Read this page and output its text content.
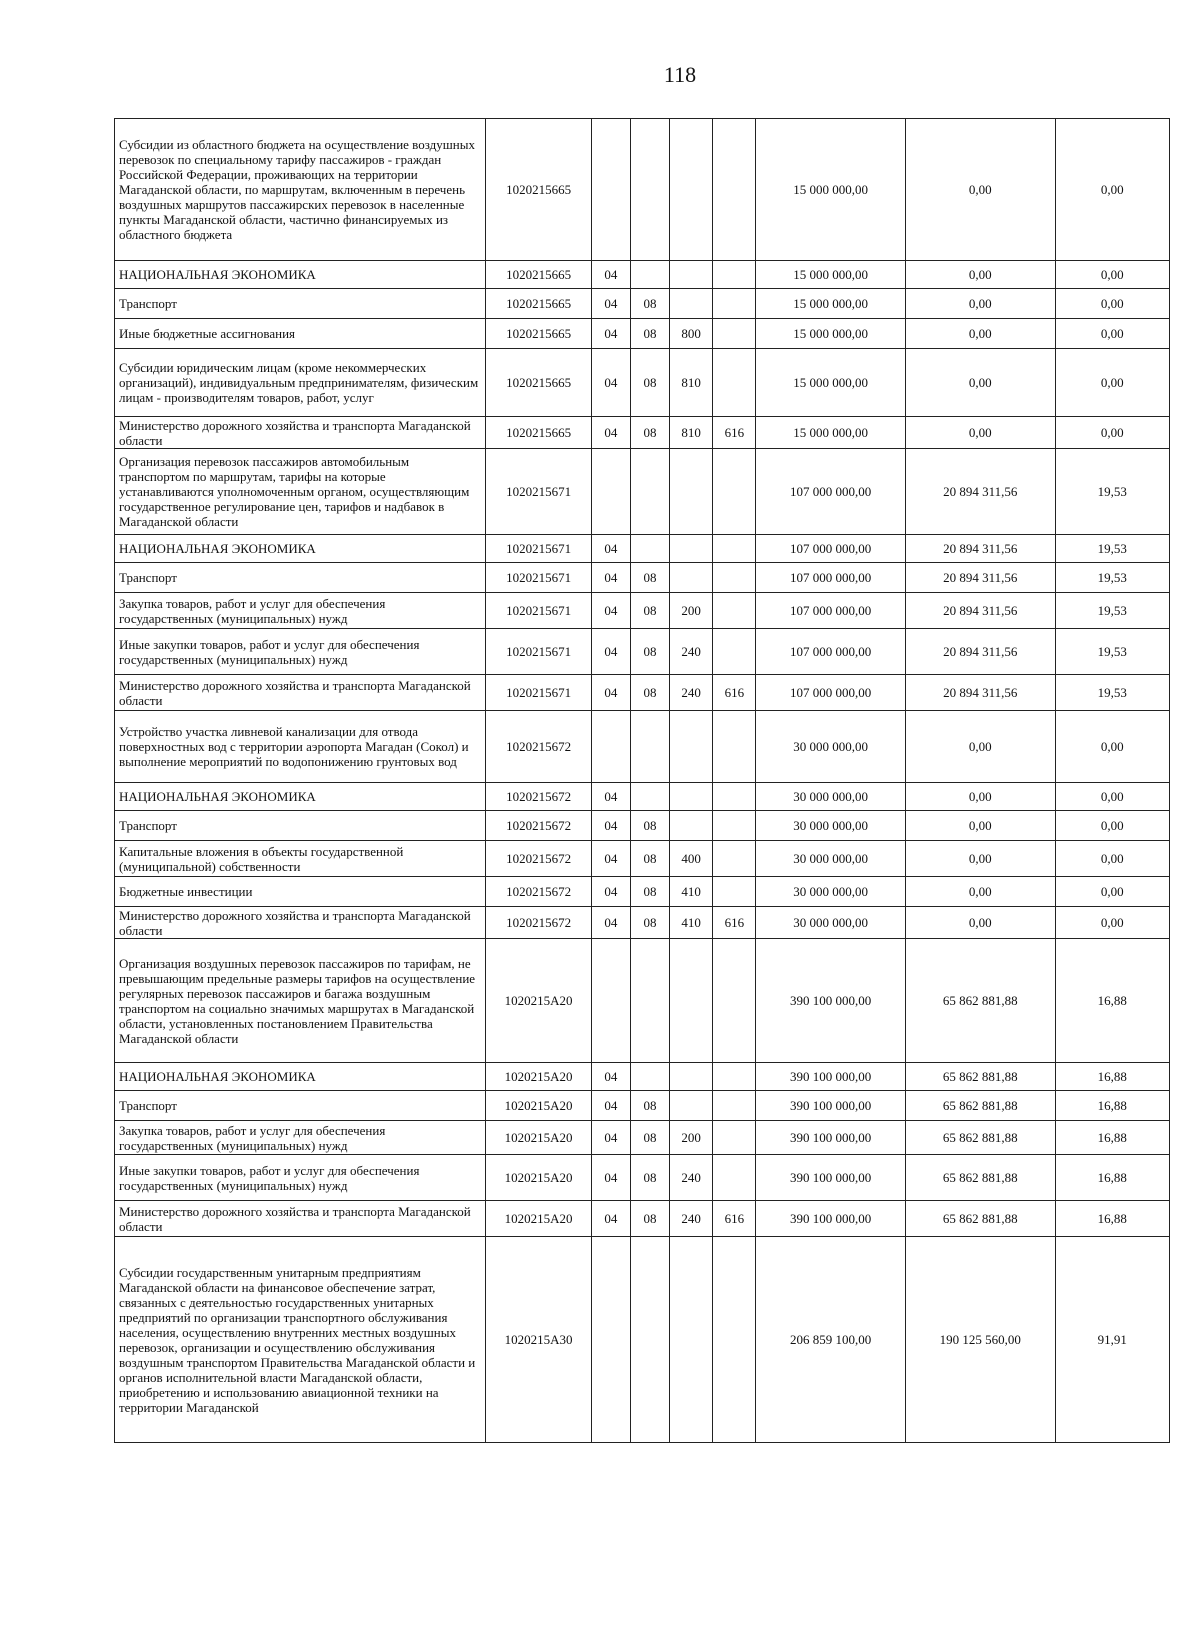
118
Субсидии из областного бюджета на осуществление воздушных перевозок по специальному тарифу пассажиров - граждан Российской Федерации, проживающих на территории Магаданской области, по маршрутам, включенным в перечень воздушных маршрутов пассажирских перевозок в населенные пункты Магаданской области, частично финансируемых из областного бюджета	1020215665					15 000 000,00	0,00	0,00
НАЦИОНАЛЬНАЯ ЭКОНОМИКА	1020215665	04				15 000 000,00	0,00	0,00
Транспорт	1020215665	04	08			15 000 000,00	0,00	0,00
Иные бюджетные ассигнования	1020215665	04	08	800		15 000 000,00	0,00	0,00
Субсидии юридическим лицам (кроме некоммерческих организаций), индивидуальным предпринимателям, физическим лицам - производителям товаров, работ, услуг	1020215665	04	08	810		15 000 000,00	0,00	0,00
Министерство дорожного хозяйства и транспорта Магаданской области	1020215665	04	08	810	616	15 000 000,00	0,00	0,00
Организация перевозок пассажиров автомобильным транспортом по маршрутам, тарифы на которые устанавливаются уполномоченным органом, осуществляющим государственное регулирование цен, тарифов и надбавок в Магаданской области	1020215671					107 000 000,00	20 894 311,56	19,53
НАЦИОНАЛЬНАЯ ЭКОНОМИКА	1020215671	04				107 000 000,00	20 894 311,56	19,53
Транспорт	1020215671	04	08			107 000 000,00	20 894 311,56	19,53
Закупка товаров, работ и услуг для обеспечения государственных (муниципальных) нужд	1020215671	04	08	200		107 000 000,00	20 894 311,56	19,53
Иные закупки товаров, работ и услуг для обеспечения государственных (муниципальных) нужд	1020215671	04	08	240		107 000 000,00	20 894 311,56	19,53
Министерство дорожного хозяйства и транспорта Магаданской области	1020215671	04	08	240	616	107 000 000,00	20 894 311,56	19,53
Устройство участка ливневой канализации для отвода поверхностных вод с территории аэропорта Магадан (Сокол) и выполнение мероприятий по водопонижению грунтовых вод	1020215672					30 000 000,00	0,00	0,00
НАЦИОНАЛЬНАЯ ЭКОНОМИКА	1020215672	04				30 000 000,00	0,00	0,00
Транспорт	1020215672	04	08			30 000 000,00	0,00	0,00
Капитальные вложения в объекты государственной (муниципальной) собственности	1020215672	04	08	400		30 000 000,00	0,00	0,00
Бюджетные инвестиции	1020215672	04	08	410		30 000 000,00	0,00	0,00
Министерство дорожного хозяйства и транспорта Магаданской области	1020215672	04	08	410	616	30 000 000,00	0,00	0,00
Организация воздушных перевозок пассажиров по тарифам, не превышающим предельные размеры тарифов на осуществление регулярных перевозок пассажиров и багажа воздушным транспортом на социально значимых маршрутах в Магаданской области, установленных постановлением Правительства Магаданской области	1020215A20					390 100 000,00	65 862 881,88	16,88
НАЦИОНАЛЬНАЯ ЭКОНОМИКА	1020215A20	04				390 100 000,00	65 862 881,88	16,88
Транспорт	1020215A20	04	08			390 100 000,00	65 862 881,88	16,88
Закупка товаров, работ и услуг для обеспечения государственных (муниципальных) нужд	1020215A20	04	08	200		390 100 000,00	65 862 881,88	16,88
Иные закупки товаров, работ и услуг для обеспечения государственных (муниципальных) нужд	1020215A20	04	08	240		390 100 000,00	65 862 881,88	16,88
Министерство дорожного хозяйства и транспорта Магаданской области	1020215A20	04	08	240	616	390 100 000,00	65 862 881,88	16,88
Субсидии государственным унитарным предприятиям Магаданской области на финансовое обеспечение затрат, связанных с деятельностью государственных унитарных предприятий по организации транспортного обслуживания населения, осуществлению внутренних местных воздушных перевозок, организации и осуществлению обслуживания воздушным транспортом Правительства Магаданской области и органов исполнительной власти Магаданской области, приобретению и использованию авиационной техники на территории Магаданской	1020215A30					206 859 100,00	190 125 560,00	91,91
